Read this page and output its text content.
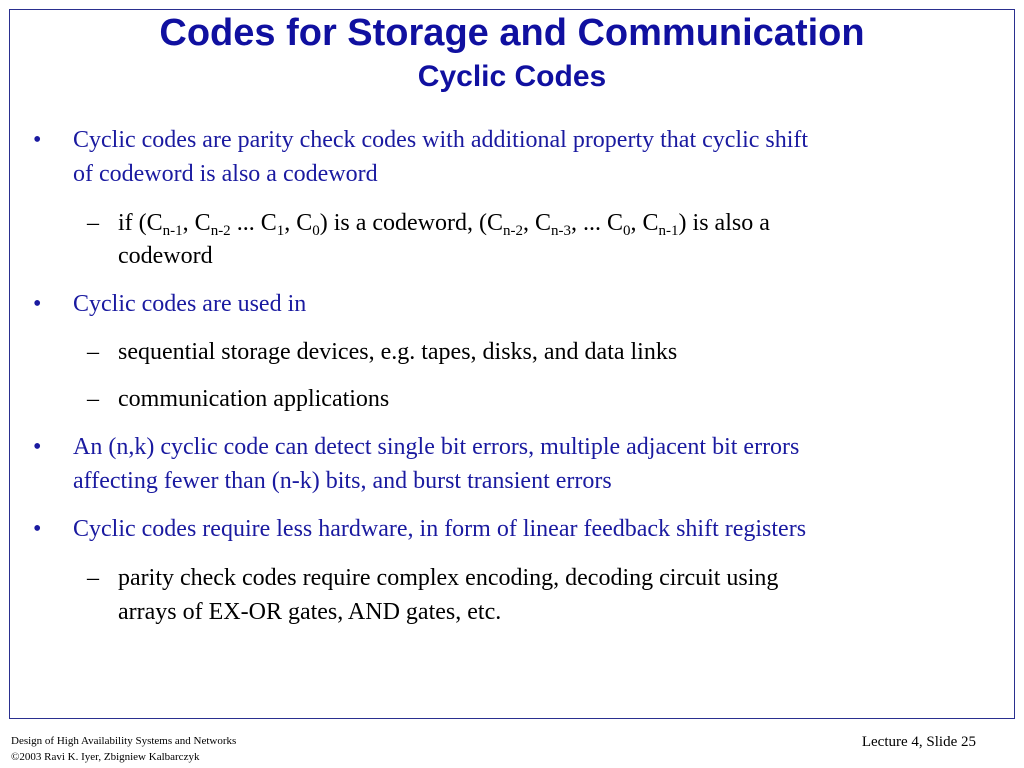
Codes for Storage and Communication
Cyclic Codes
• Cyclic codes are parity check codes with additional property that cyclic shift
of codeword is also a codeword
– if ($C_{n-1}$, $C_{n-2}$ ... $C_1$, $C_0$) is a codeword, ($C_{n-2}$, $C_{n-3}$, ... $C_0$, $C_{n-1}$) is also a
codeword
• Cyclic codes are used in
– sequential storage devices, e.g. tapes, disks, and data links
– communication applications
• An (n,k) cyclic code can detect single bit errors, multiple adjacent bit errors
affecting fewer than (n-k) bits, and burst transient errors
• Cyclic codes require less hardware, in form of linear feedback shift registers
– parity check codes require complex encoding, decoding circuit using
arrays of EX-OR gates, AND gates, etc.
Design of High Availability Systems and Networks
©2003 Ravi K. Iyer, Zbigniew Kalbarczyk
Lecture 4, Slide 25
